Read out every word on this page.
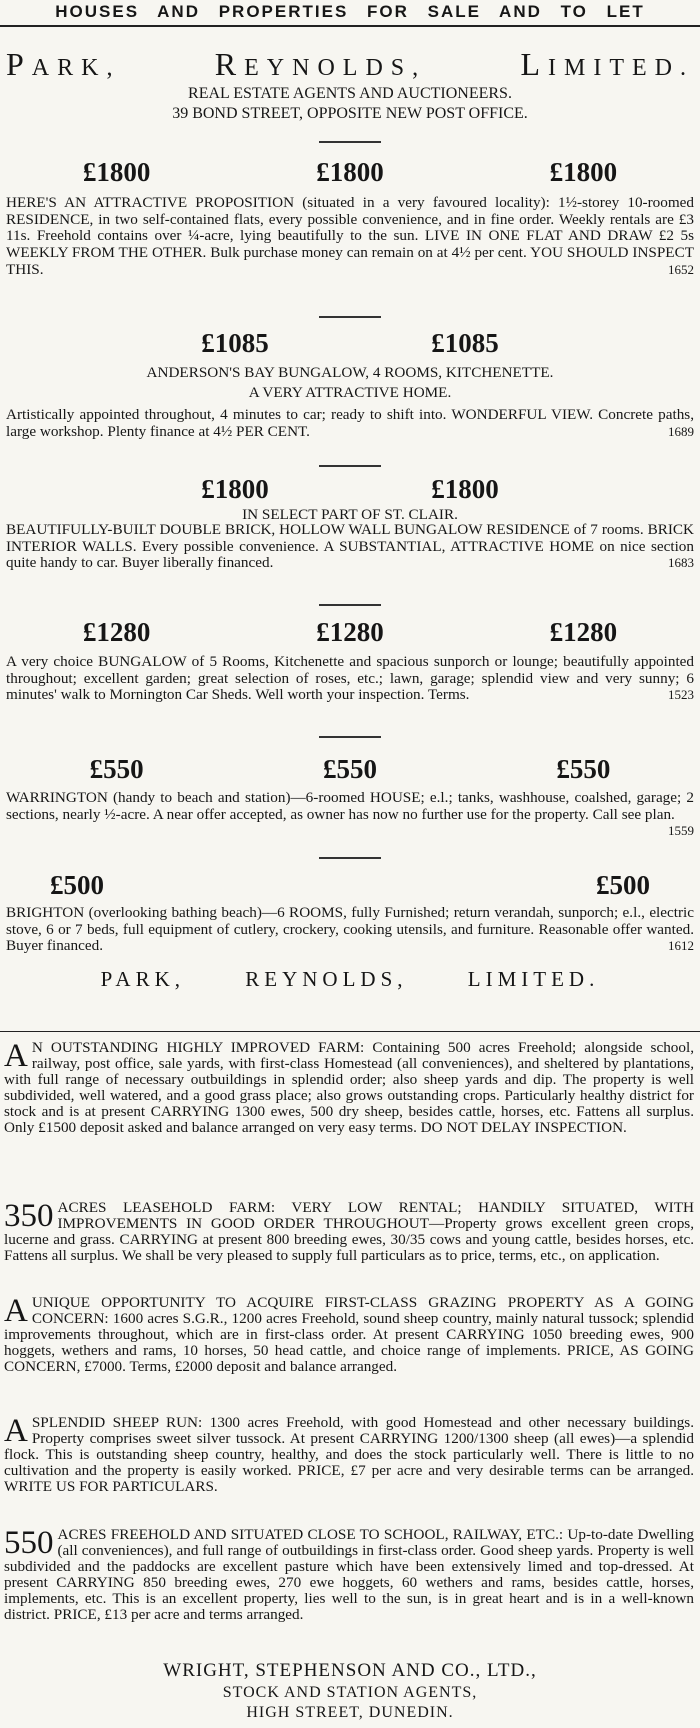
HOUSES AND PROPERTIES FOR SALE AND TO LET
PARK,	REYNOLDS,	LIMITED.
REAL ESTATE AGENTS AND AUCTIONEERS.
39 BOND STREET, OPPOSITE NEW POST OFFICE.
£1800	£1800	£1800
HERE'S AN ATTRACTIVE PROPOSITION (situated in a very favoured locality): 1½-storey 10-roomed RESIDENCE, in two self-contained flats, every possible convenience, and in fine order. Weekly rentals are £3 11s. Freehold contains over ¼-acre, lying beautifully to the sun. LIVE IN ONE FLAT AND DRAW £2 5s WEEKLY FROM THE OTHER. Bulk purchase money can remain on at 4½ per cent. YOU SHOULD INSPECT THIS.	1652
£1085	£1085
ANDERSON'S BAY BUNGALOW, 4 ROOMS, KITCHENETTE.
A VERY ATTRACTIVE HOME.
Artistically appointed throughout, 4 minutes to car; ready to shift into. WONDERFUL VIEW. Concrete paths, large workshop. Plenty finance at 4½ PER CENT.	1689
£1800	£1800
IN SELECT PART OF ST. CLAIR.
BEAUTIFULLY-BUILT DOUBLE BRICK, HOLLOW WALL BUNGALOW RESIDENCE of 7 rooms. BRICK INTERIOR WALLS. Every possible convenience. A SUBSTANTIAL, ATTRACTIVE HOME on nice section quite handy to car. Buyer liberally financed.	1683
£1280	£1280	£1280
A very choice BUNGALOW of 5 Rooms, Kitchenette and spacious sunporch or lounge; beautifully appointed throughout; excellent garden; great selection of roses, etc.; lawn, garage; splendid view and very sunny; 6 minutes' walk to Mornington Car Sheds. Well worth your inspection. Terms.	1523
£550	£550	£550
WARRINGTON (handy to beach and station)—6-roomed HOUSE; e.l.; tanks, washhouse, coalshed, garage; 2 sections, nearly ½-acre. A near offer accepted, as owner has now no further use for the property. Call see plan.
1559
£500	£500
BRIGHTON (overlooking bathing beach)—6 ROOMS, fully Furnished; return verandah, sunporch; e.l., electric stove, 6 or 7 beds, full equipment of cutlery, crockery, cooking utensils, and furniture. Reasonable offer wanted. Buyer financed.	1612
PARK, REYNOLDS, LIMITED.
A N OUTSTANDING HIGHLY IMPROVED FARM: Containing 500 acres Freehold; alongside school, railway, post office, sale yards, with first-class Homestead (all conveniences), and sheltered by plantations, with full range of necessary outbuildings in splendid order; also sheep yards and dip. The property is well subdivided, well watered, and a good grass place; also grows outstanding crops. Particularly healthy district for stock and is at present CARRYING 1300 ewes, 500 dry sheep, besides cattle, horses, etc. Fattens all surplus. Only £1500 deposit asked and balance arranged on very easy terms. DO NOT DELAY INSPECTION.
350 ACRES LEASEHOLD FARM: VERY LOW RENTAL; HANDILY SITUATED, WITH IMPROVEMENTS IN GOOD ORDER THROUGHOUT—Property grows excellent green crops, lucerne and grass. CARRYING at present 800 breeding ewes, 30/35 cows and young cattle, besides horses, etc. Fattens all surplus. We shall be very pleased to supply full particulars as to price, terms, etc., on application.
A UNIQUE OPPORTUNITY TO ACQUIRE FIRST-CLASS GRAZING PROPERTY AS A GOING CONCERN: 1600 acres S.G.R., 1200 acres Freehold, sound sheep country, mainly natural tussock; splendid improvements throughout, which are in first-class order. At present CARRYING 1050 breeding ewes, 900 hoggets, wethers and rams, 10 horses, 50 head cattle, and choice range of implements. PRICE, AS GOING CONCERN, £7000. Terms, £2000 deposit and balance arranged.
A SPLENDID SHEEP RUN: 1300 acres Freehold, with good Homestead and other necessary buildings. Property comprises sweet silver tussock. At present CARRYING 1200/1300 sheep (all ewes)—a splendid flock. This is outstanding sheep country, healthy, and does the stock particularly well. There is little to no cultivation and the property is easily worked. PRICE, £7 per acre and very desirable terms can be arranged. WRITE US FOR PARTICULARS.
550 ACRES FREEHOLD AND SITUATED CLOSE TO SCHOOL, RAILWAY, ETC.: Up-to-date Dwelling (all conveniences), and full range of outbuildings in first-class order. Good sheep yards. Property is well subdivided and the paddocks are excellent pasture which have been extensively limed and top-dressed. At present CARRYING 850 breeding ewes, 270 ewe hoggets, 60 wethers and rams, besides cattle, horses, implements, etc. This is an excellent property, lies well to the sun, is in great heart and is in a well-known district. PRICE, £13 per acre and terms arranged.
WRIGHT, STEPHENSON AND CO., LTD.,
STOCK AND STATION AGENTS,
HIGH STREET, DUNEDIN.
